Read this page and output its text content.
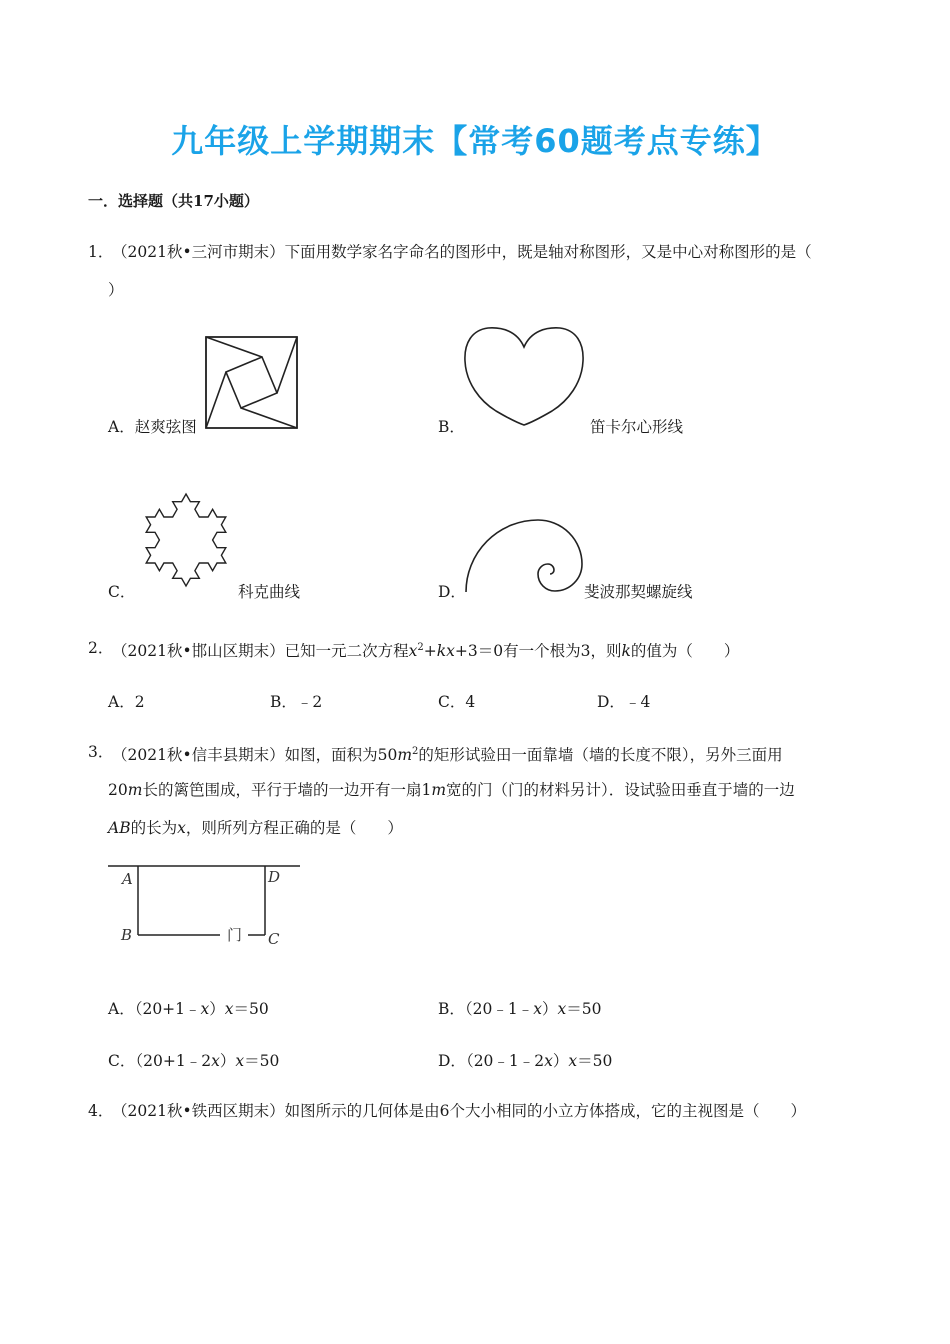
九年级上学期期末【常考60题考点专练】
一．选择题（共17小题）
1．
（2021秋•三河市期末）下面用数学家名字命名的图形中，既是轴对称图形，又是中心对称图形的是（
）
A．赵爽弦图	B．	笛卡尔心形线
C．	科克曲线	D．	斐波那契螺旋线
2．
（2021秋•邯山区期末）已知一元二次方程$x^2+kx+3=0$有一个根为3，则k的值为（　　）
A．2	B．﹣2	C．4	D．﹣4
3．
（2021秋•信丰县期末）如图，面积为$50m^2$的矩形试验田一面靠墙（墙的长度不限），另外三面用
20m长的篱笆围成，平行于墙的一边开有一扇1m宽的门（门的材料另计）．设试验田垂直于墙的一边
AB的长为x，则所列方程正确的是（　　）
A	D
B	C
门
A．（20+1﹣x）x＝50	B．（20﹣1﹣x）x＝50
C．（20+1﹣2x）x＝50	D．（20﹣1﹣2x）x＝50
4．
（2021秋•铁西区期末）如图所示的几何体是由6个大小相同的小立方体搭成，它的主视图是（　　）
